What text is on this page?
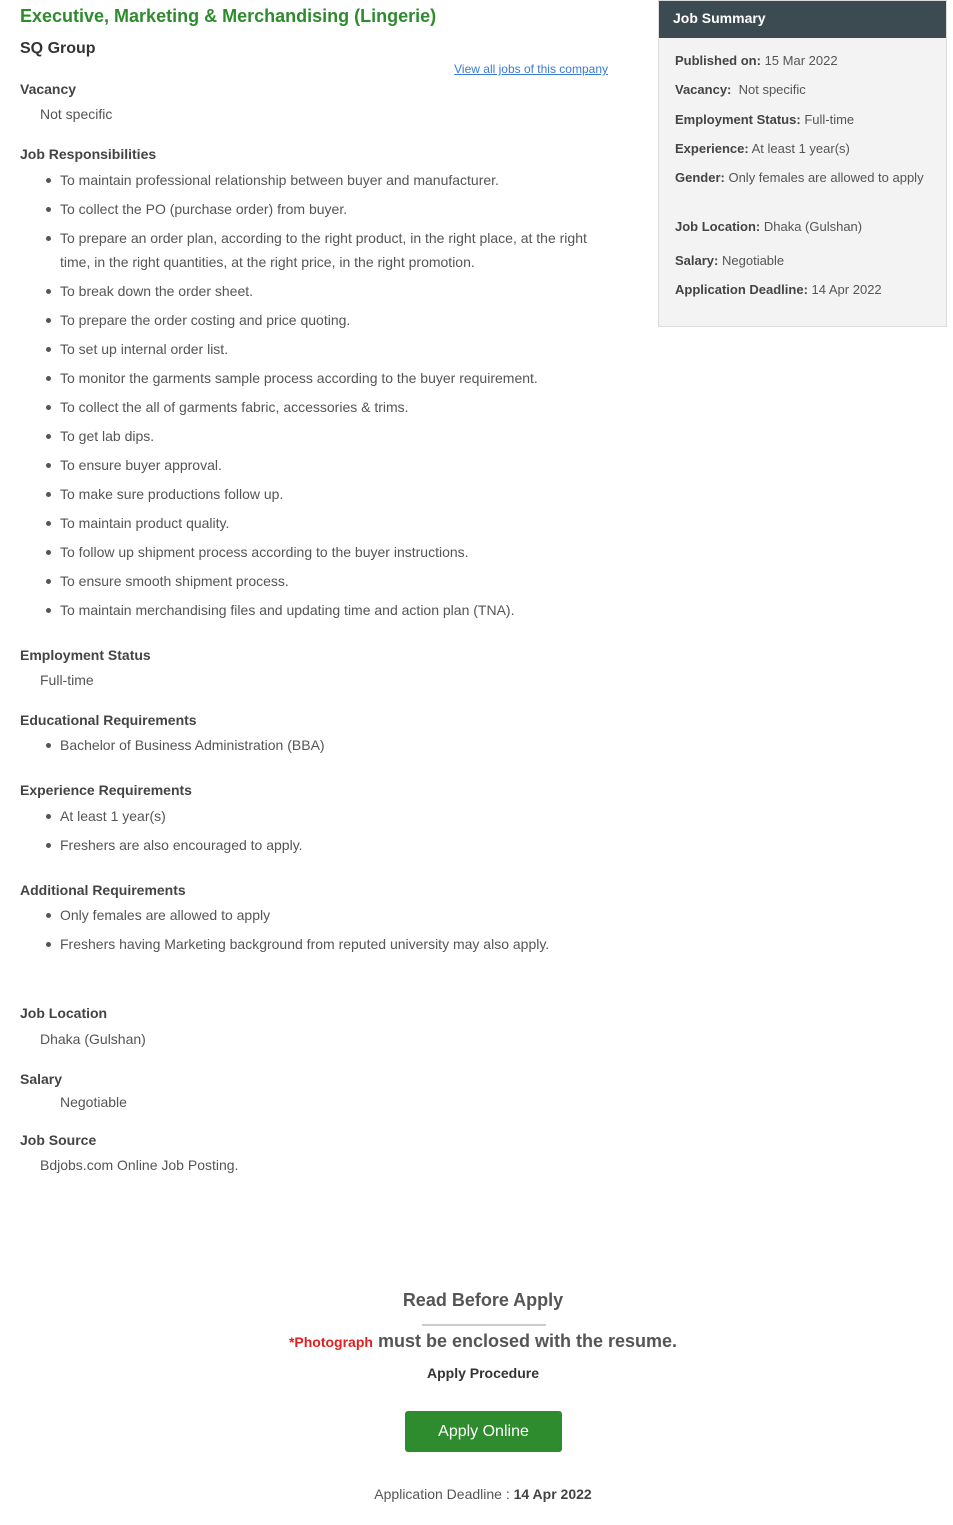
Executive, Marketing & Merchandising (Lingerie)
SQ Group
View all jobs of this company
Vacancy
Not specific
Job Responsibilities
To maintain professional relationship between buyer and manufacturer.
To collect the PO (purchase order) from buyer.
To prepare an order plan, according to the right product, in the right place, at the right time, in the right quantities, at the right price, in the right promotion.
To break down the order sheet.
To prepare the order costing and price quoting.
To set up internal order list.
To monitor the garments sample process according to the buyer requirement.
To collect the all of garments fabric, accessories & trims.
To get lab dips.
To ensure buyer approval.
To make sure productions follow up.
To maintain product quality.
To follow up shipment process according to the buyer instructions.
To ensure smooth shipment process.
To maintain merchandising files and updating time and action plan (TNA).
Employment Status
Full-time
Educational Requirements
Bachelor of Business Administration (BBA)
Experience Requirements
At least 1 year(s)
Freshers are also encouraged to apply.
Additional Requirements
Only females are allowed to apply
Freshers having Marketing background from reputed university may also apply.
Job Location
Dhaka (Gulshan)
Salary
Negotiable
Job Source
Bdjobs.com Online Job Posting.
Job Summary
Published on: 15 Mar 2022
Vacancy: Not specific
Employment Status: Full-time
Experience: At least 1 year(s)
Gender: Only females are allowed to apply
Job Location: Dhaka (Gulshan)
Salary: Negotiable
Application Deadline: 14 Apr 2022
Read Before Apply
*Photograph must be enclosed with the resume.
Apply Procedure
Apply Online
Application Deadline : 14 Apr 2022
